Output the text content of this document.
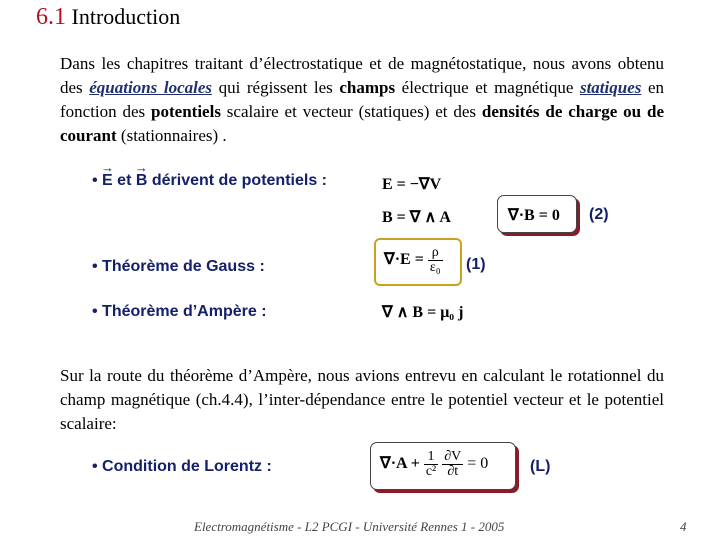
6.1 Introduction

Dans les chapitres traitant d’électrostatique et de magnétostatique, nous avons obtenu des équations locales qui régissent les champs électrique et magnétique statiques en fonction des potentiels scalaire et vecteur (statiques) et des densités de charge ou de courant (stationnaires) .

• → E et → B dérivent de potentiels :	E = −∇V
B = ∇ ∧ A	∇·B = 0 (2)
• Théorème de Gauss :	$\nabla\cdot E = \frac{\rho}{\text{ε₀}} (1)$
• Théorème d’Ampère :	∇ ∧ B = μ₀ j

Sur la route du théorème d’Ampère, nous avions entrevu en calculant le rotationnel du champ magnétique (ch.4.4), l’inter-dépendance entre le potentiel vecteur et le potentiel scalaire:

• Condition de Lorentz :	$\nabla\cdot A + \frac{1}{\text{c²}}$
$\frac{\partial V}{\partial t} = 0$	(L)
Electromagnétisme - L2 PCGI - Université Rennes 1 - 2005	4
